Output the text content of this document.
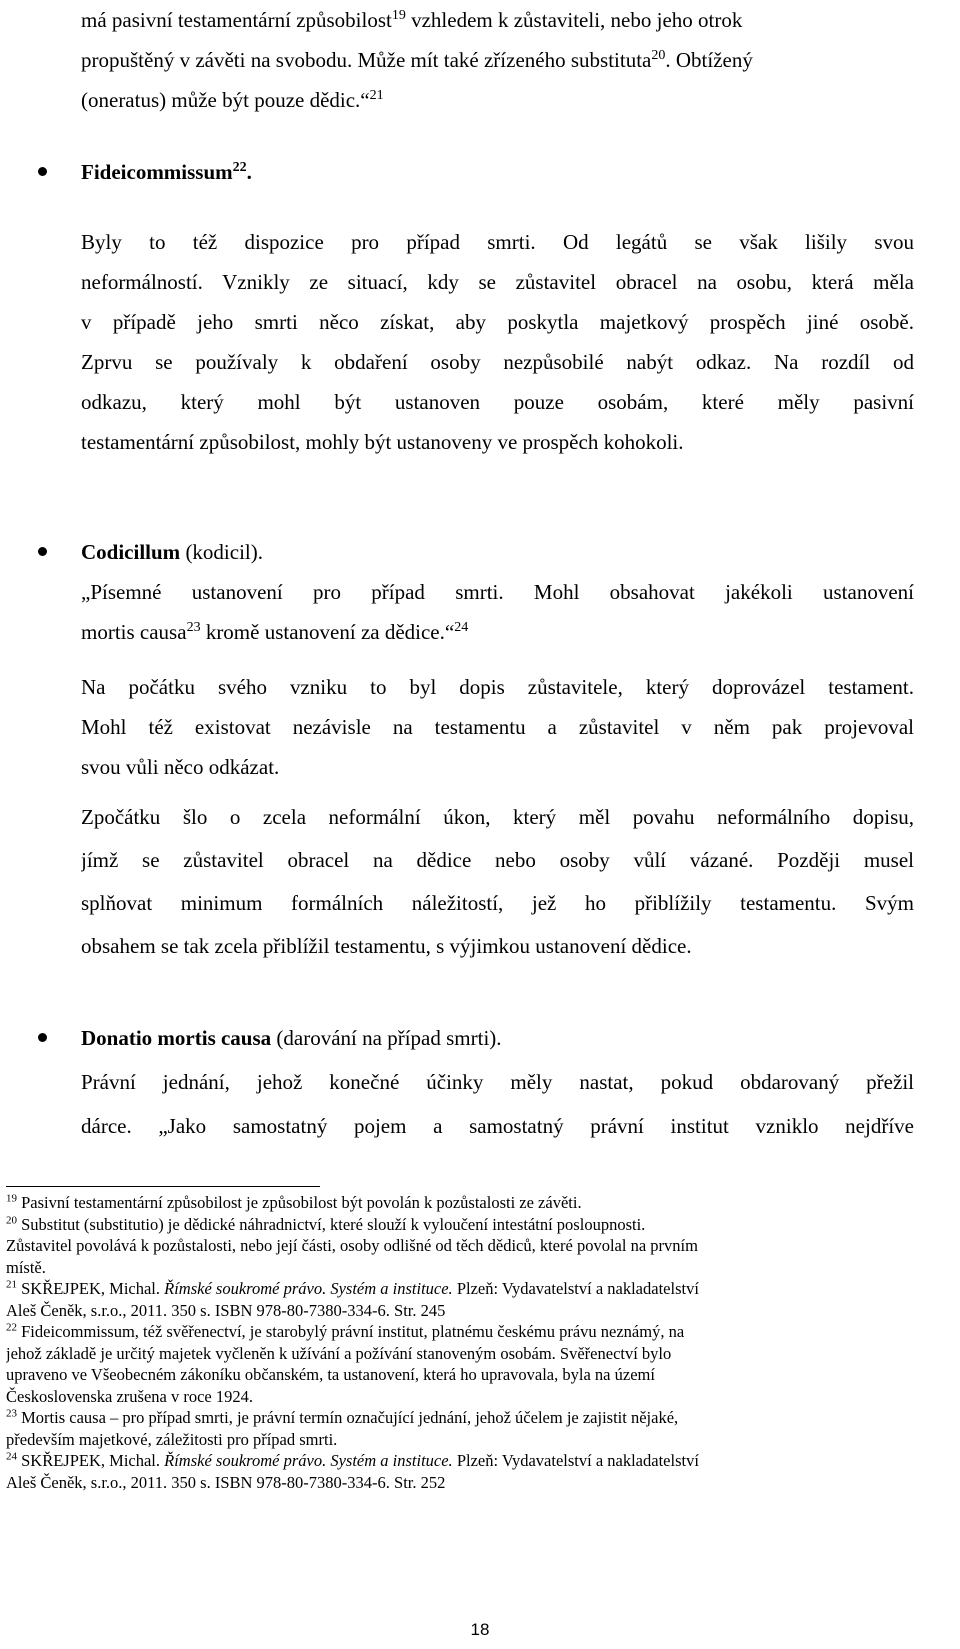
má pasivní testamentární způsobilost$^{19}$ vzhledem k zůstaviteli, nebo jeho otrok
propuštěný v závěti na svobodu. Může mít také zřízeného substituta$^{20}$. Obtížený
(oneratus) může být pouze dědic.“$^{21}$
Fideicommissum$^{22}$.
Byly to též dispozice pro případ smrti. Od legátů se však lišily svou
neformálností. Vznikly ze situací, kdy se zůstavitel obracel na osobu, která měla
v případě jeho smrti něco získat, aby poskytla majetkový prospěch jiné osobě.
Zprvu se používaly k obdaření osoby nezpůsobilé nabýt odkaz. Na rozdíl od
odkazu, který mohl být ustanoven pouze osobám, které měly pasivní
testamentární způsobilost, mohly být ustanoveny ve prospěch kohokoli.
Codicillum (kodicil).
„Písemné ustanovení pro případ smrti. Mohl obsahovat jakékoli ustanovení
mortis causa$^{23}$ kromě ustanovení za dědice.“$^{24}$
Na počátku svého vzniku to byl dopis zůstavitele, který doprovázel testament.
Mohl též existovat nezávisle na testamentu a zůstavitel v něm pak projevoval
svou vůli něco odkázat.
Zpočátku šlo o zcela neformální úkon, který měl povahu neformálního dopisu,
jímž se zůstavitel obracel na dědice nebo osoby vůlí vázané. Později musel
splňovat minimum formálních náležitostí, jež ho přiblížily testamentu. Svým
obsahem se tak zcela přiblížil testamentu, s výjimkou ustanovení dědice.
Donatio mortis causa (darování na případ smrti).
Právní jednání, jehož konečné účinky měly nastat, pokud obdarovaný přežil
dárce. „Jako samostatný pojem a samostatný právní institut vzniklo nejdříve
$^{19}$ Pasivní testamentární způsobilost je způsobilost být povolán k pozůstalosti ze závěti.
$^{20}$ Substitut (substitutio) je dědické náhradnictví, které slouží k vyloučení intestátní posloupnosti.
Zůstavitel povolává k pozůstalosti, nebo její části, osoby odlišné od těch dědiců, které povolal na prvním
místě.
$^{21}$ SKŘEJPEK, Michal. Římské soukromé právo. Systém a instituce. Plzeň: Vydavatelství a nakladatelství
Aleš Čeněk, s.r.o., 2011. 350 s. ISBN 978-80-7380-334-6. Str. 245
$^{22}$ Fideicommissum, též svěřenectví, je starobylý právní institut, platnému českému právu neznámý, na
jehož základě je určitý majetek vyčleněn k užívání a požívání stanoveným osobám. Svěřenectví bylo
upraveno ve Všeobecném zákoníku občanském, ta ustanovení, která ho upravovala, byla na území
Československa zrušena v roce 1924.
$^{23}$ Mortis causa – pro případ smrti, je právní termín označující jednání, jehož účelem je zajistit nějaké,
především majetkové, záležitosti pro případ smrti.
$^{24}$ SKŘEJPEK, Michal. Římské soukromé právo. Systém a instituce. Plzeň: Vydavatelství a nakladatelství
Aleš Čeněk, s.r.o., 2011. 350 s. ISBN 978-80-7380-334-6. Str. 252
18
